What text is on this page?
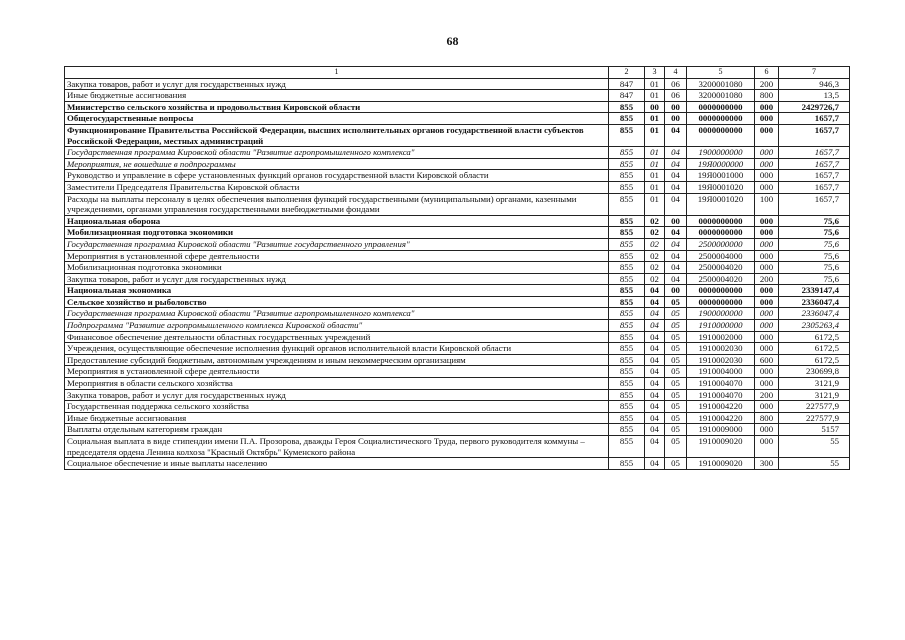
68
1	2	3	4	5	6	7
Закупка товаров, работ и услуг для государственных нужд	847	01	06	3200001080	200	946,3
Иные бюджетные ассигнования	847	01	06	3200001080	800	13,5
Министерство сельского хозяйства и продовольствия Кировской области	855	00	00	0000000000	000	2429726,7
Общегосударственные вопросы	855	01	00	0000000000	000	1657,7
Функционирование Правительства Российской Федерации, высших исполнительных органов государственной власти субъектов Российской Федерации, местных администраций	855	01	04	0000000000	000	1657,7
Государственная программа Кировской области "Развитие агропромышленного комплекса"	855	01	04	1900000000	000	1657,7
Мероприятия, не вошедшие в подпрограммы	855	01	04	19Я0000000	000	1657,7
Руководство и управление в сфере установленных функций органов государственной власти Кировской области	855	01	04	19Я0001000	000	1657,7
Заместители Председателя Правительства Кировской области	855	01	04	19Я0001020	000	1657,7
Расходы на выплаты персоналу в целях обеспечения выполнения функций государственными (муниципальными) органами, казенными учреждениями, органами управления государственными внебюджетными фондами	855	01	04	19Я0001020	100	1657,7
Национальная оборона	855	02	00	0000000000	000	75,6
Мобилизационная подготовка экономики	855	02	04	0000000000	000	75,6
Государственная программа Кировской области "Развитие государственного управления"	855	02	04	2500000000	000	75,6
Мероприятия в установленной сфере деятельности	855	02	04	2500004000	000	75,6
Мобилизационная подготовка экономики	855	02	04	2500004020	000	75,6
Закупка товаров, работ и услуг для государственных нужд	855	02	04	2500004020	200	75,6
Национальная экономика	855	04	00	0000000000	000	2339147,4
Сельское хозяйство и рыболовство	855	04	05	0000000000	000	2336047,4
Государственная программа Кировской области "Развитие агропромышленного комплекса"	855	04	05	1900000000	000	2336047,4
Подпрограмма "Развитие агропромышленного комплекса Кировской области"	855	04	05	1910000000	000	2305263,4
Финансовое обеспечение деятельности областных государственных учреждений	855	04	05	1910002000	000	6172,5
Учреждения, осуществляющие обеспечение исполнения функций органов исполнительной власти Кировской области	855	04	05	1910002030	000	6172,5
Предоставление субсидий бюджетным, автономным учреждениям и иным некоммерческим организациям	855	04	05	1910002030	600	6172,5
Мероприятия в установленной сфере деятельности	855	04	05	1910004000	000	230699,8
Мероприятия в области сельского хозяйства	855	04	05	1910004070	000	3121,9
Закупка товаров, работ и услуг для государственных нужд	855	04	05	1910004070	200	3121,9
Государственная поддержка сельского хозяйства	855	04	05	1910004220	000	227577,9
Иные бюджетные ассигнования	855	04	05	1910004220	800	227577,9
Выплаты отдельным категориям граждан	855	04	05	1910009000	000	5157
Социальная выплата в виде стипендии имени П.А. Прозорова, дважды Героя Социалистического Труда, первого руководителя коммуны – председателя ордена Ленина колхоза "Красный Октябрь" Куменского района	855	04	05	1910009020	000	55
Социальное обеспечение и иные выплаты населению	855	04	05	1910009020	300	55
